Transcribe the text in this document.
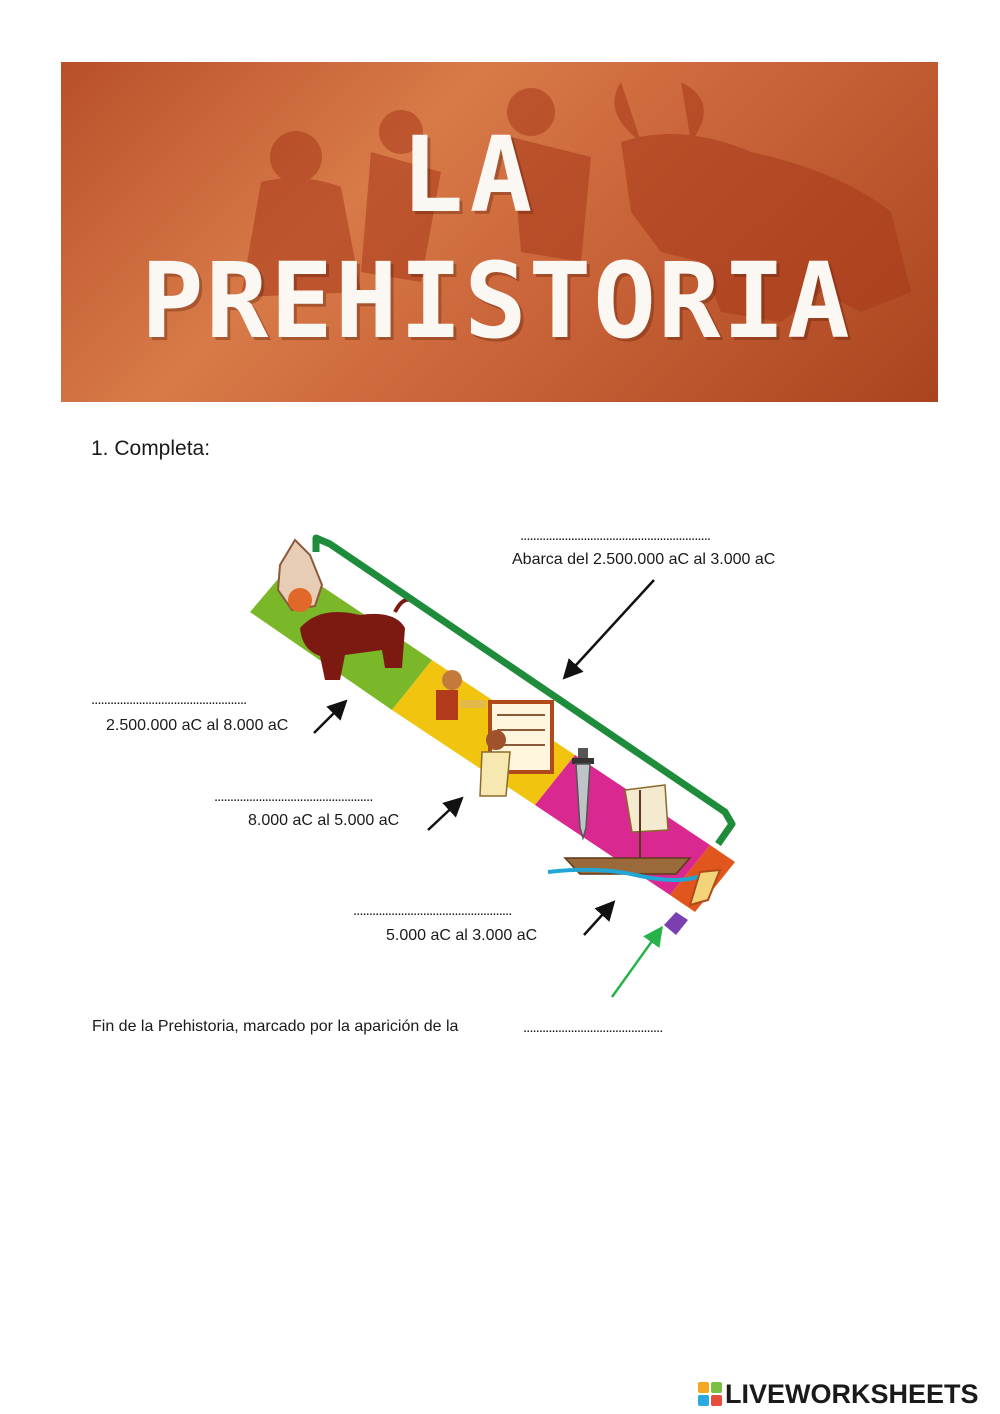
LA
PREHISTORIA
1. Completa:
............................................................
Abarca del 2.500.000 aC al 3.000 aC
.................................................
2.500.000 aC al 8.000 aC
..................................................
8.000 aC al 5.000 aC
..................................................
5.000 aC al 3.000 aC
Fin de la Prehistoria, marcado por la aparición de la	............................................
LIVEWORKSHEETS
